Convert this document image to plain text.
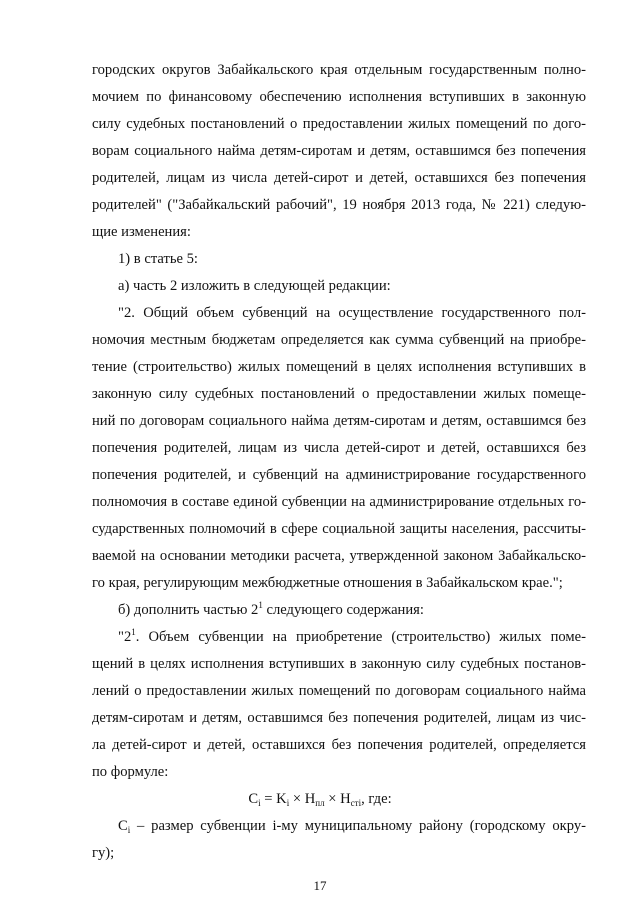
городских округов Забайкальского края отдельным государственным полно-
мочием по финансовому обеспечению исполнения вступивших в законную
силу судебных постановлений о предоставлении жилых помещений по дого-
ворам социального найма детям-сиротам и детям, оставшимся без попечения
родителей, лицам из числа детей-сирот и детей, оставшихся без попечения
родителей" ("Забайкальский рабочий", 19 ноября 2013 года, № 221) следую-
щие изменения:
1) в статье 5:
а) часть 2 изложить в следующей редакции:
"2. Общий объем субвенций на осуществление государственного пол-
номочия местным бюджетам определяется как сумма субвенций на приобре-
тение (строительство) жилых помещений в целях исполнения вступивших в
законную силу судебных постановлений о предоставлении жилых помеще-
ний по договорам социального найма детям-сиротам и детям, оставшимся без
попечения родителей, лицам из числа детей-сирот и детей, оставшихся без
попечения родителей, и субвенций на администрирование государственного
полномочия в составе единой субвенции на администрирование отдельных го-
сударственных полномочий в сфере социальной защиты населения, рассчиты-
ваемой на основании методики расчета, утвержденной законом Забайкальско-
го края, регулирующим межбюджетные отношения в Забайкальском крае.";
б) дополнить частью $2^1$ следующего содержания:
"$2^1$. Объем субвенции на приобретение (строительство) жилых поме-
щений в целях исполнения вступивших в законную силу судебных постанов-
лений о предоставлении жилых помещений по договорам социального найма
детям-сиротам и детям, оставшимся без попечения родителей, лицам из чис-
ла детей-сирот и детей, оставшихся без попечения родителей, определяется
по формуле:
$C_i = K_i \times H_{пл} \times H_{сті}$, где:
$C_i$ – размер субвенции i-му муниципальному району (городскому окру-
гу);
17
